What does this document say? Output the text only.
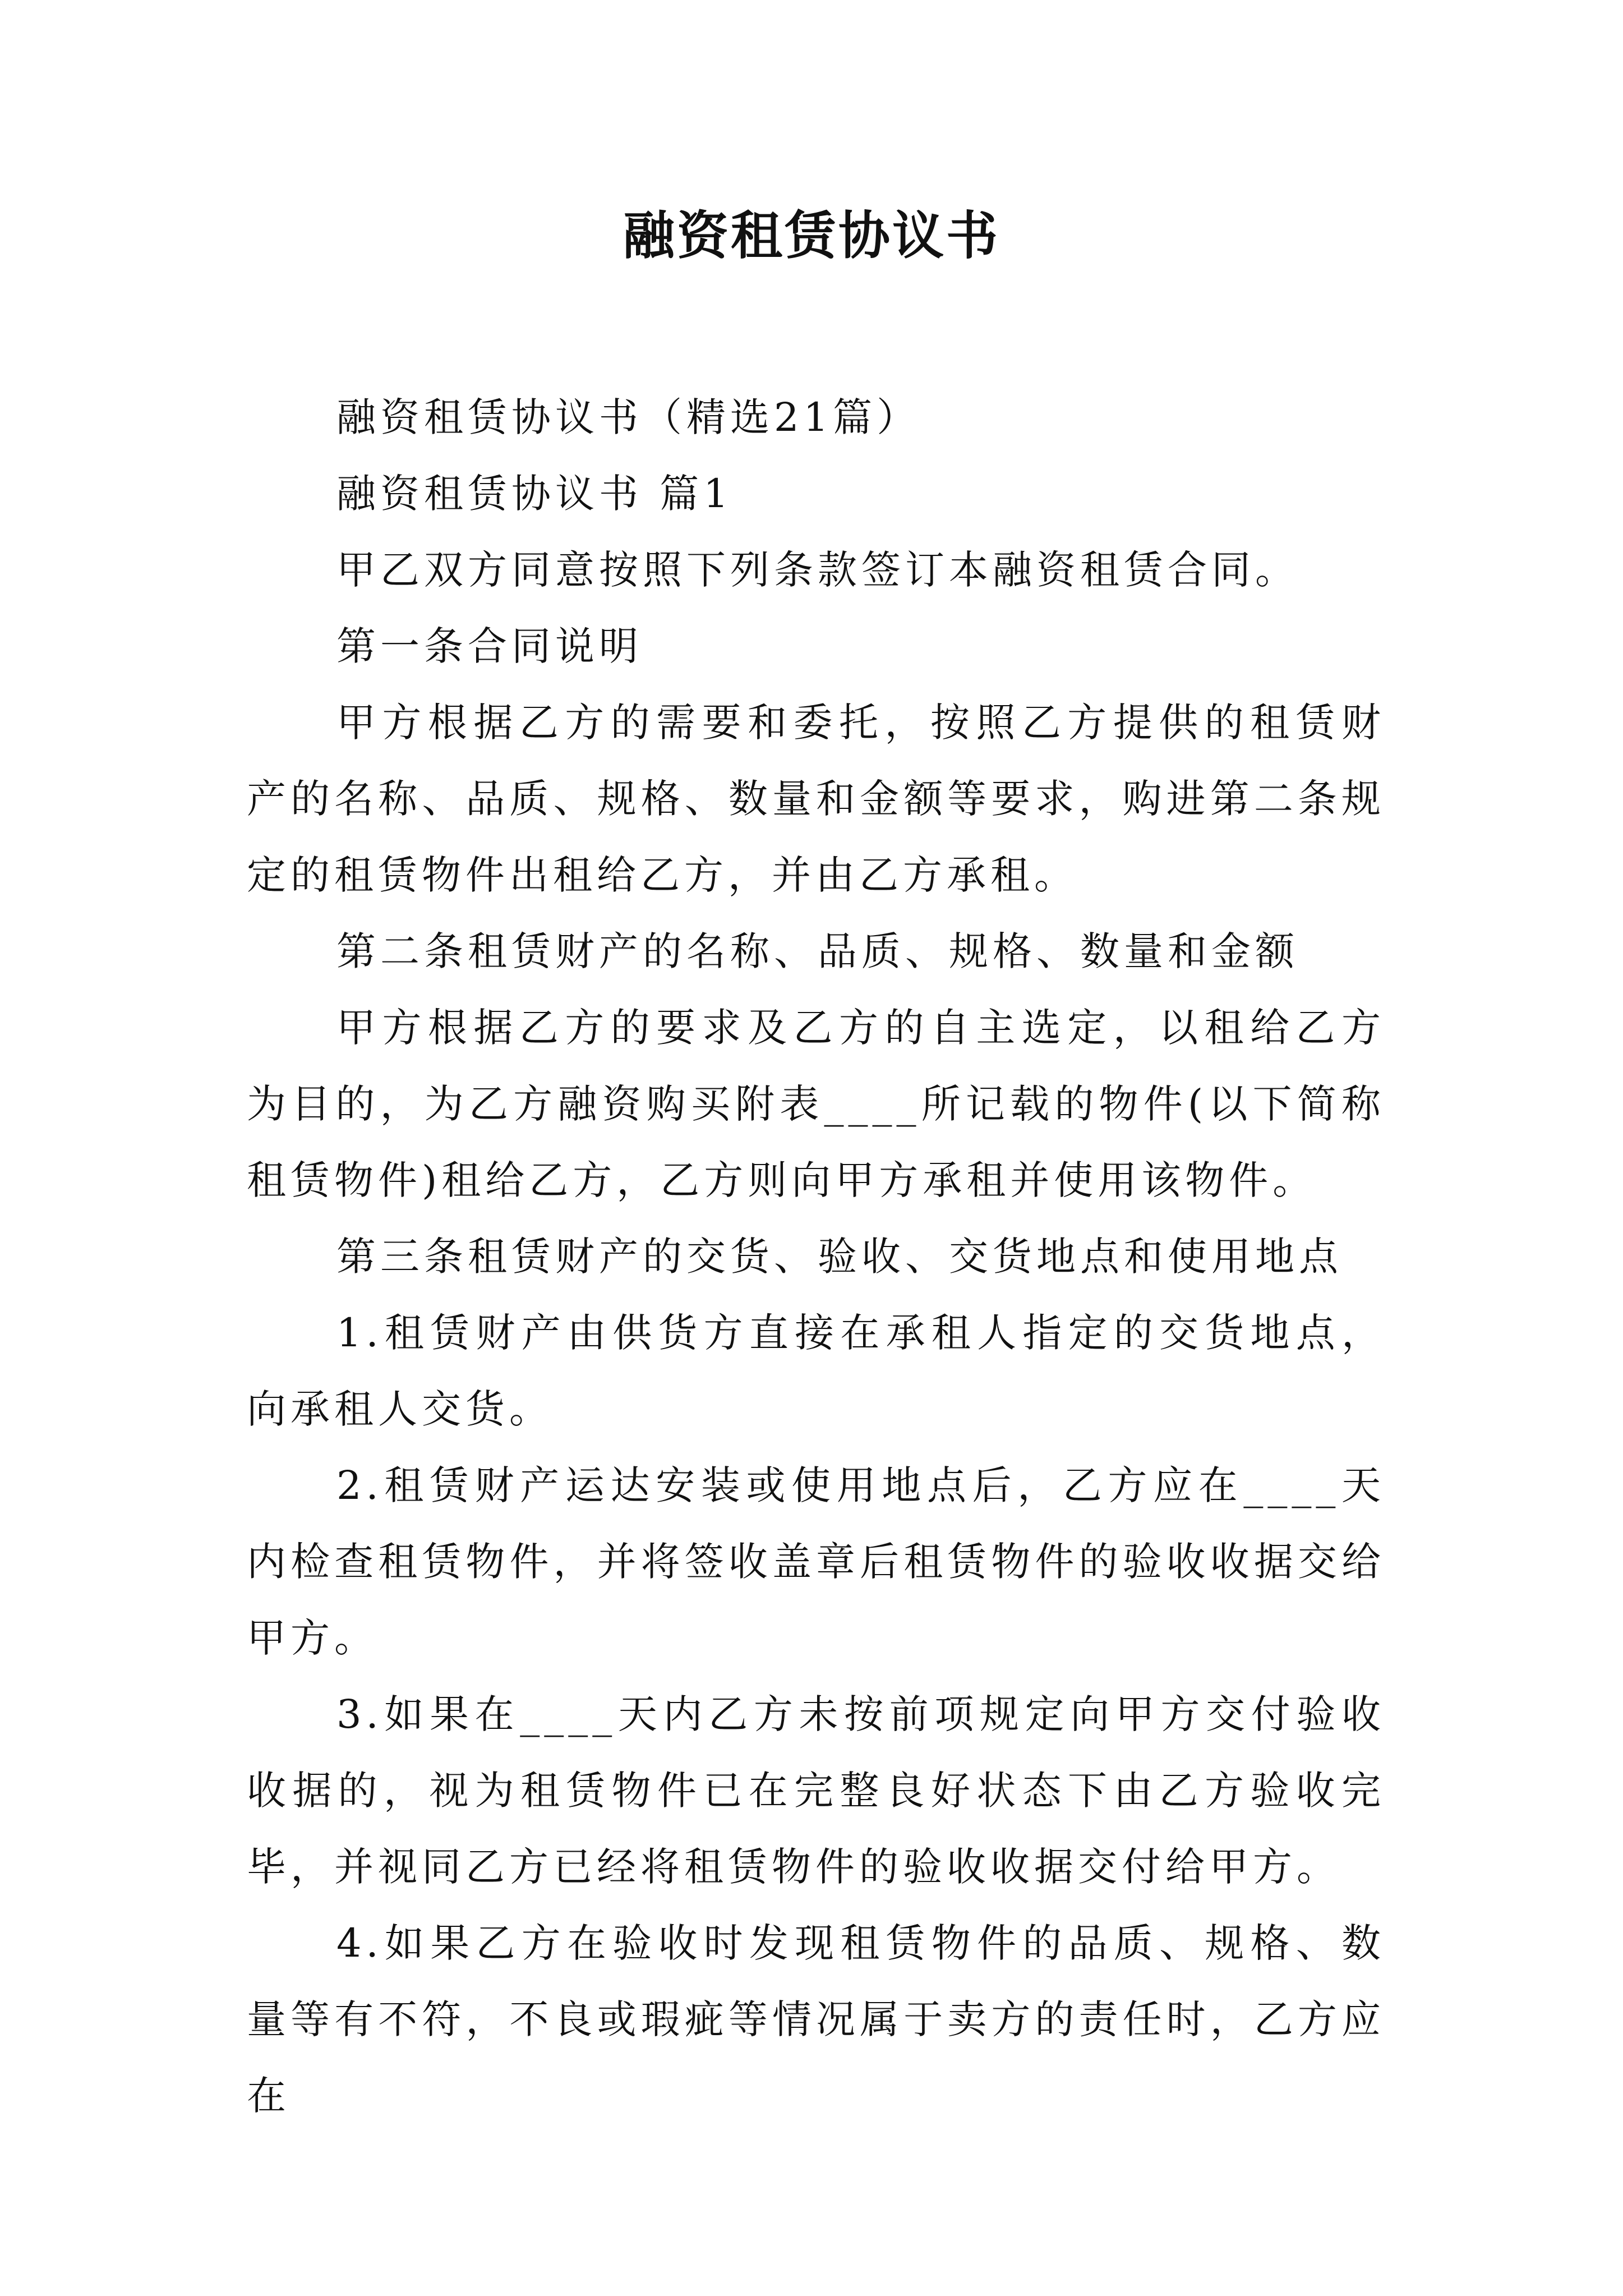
融资租赁协议书

融资租赁协议书（精选21篇）

融资租赁协议书 篇1

甲乙双方同意按照下列条款签订本融资租赁合同。

第一条合同说明

甲方根据乙方的需要和委托，按照乙方提供的租赁财产的名称、品质、规格、数量和金额等要求，购进第二条规定的租赁物件出租给乙方，并由乙方承租。

第二条租赁财产的名称、品质、规格、数量和金额

甲方根据乙方的要求及乙方的自主选定，以租给乙方为目的，为乙方融资购买附表____所记载的物件(以下简称租赁物件)租给乙方，乙方则向甲方承租并使用该物件。

第三条租赁财产的交货、验收、交货地点和使用地点

1.租赁财产由供货方直接在承租人指定的交货地点，向承租人交货。

2.租赁财产运达安装或使用地点后，乙方应在____天内检查租赁物件，并将签收盖章后租赁物件的验收收据交给甲方。

3.如果在____天内乙方未按前项规定向甲方交付验收收据的，视为租赁物件已在完整良好状态下由乙方验收完毕，并视同乙方已经将租赁物件的验收收据交付给甲方。

4.如果乙方在验收时发现租赁物件的品质、规格、数量等有不符，不良或瑕疵等情况属于卖方的责任时，乙方应在
